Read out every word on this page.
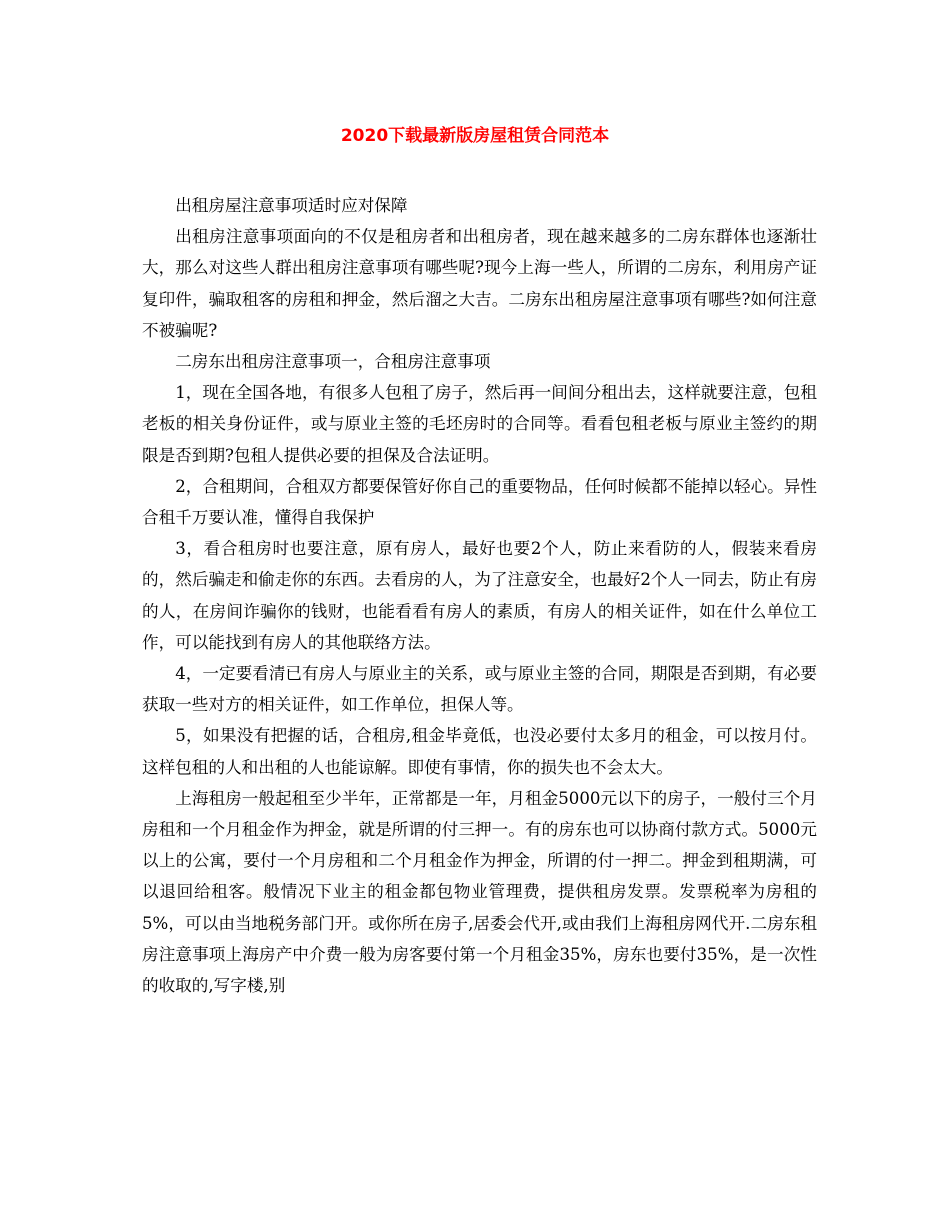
2020下载最新版房屋租赁合同范本

出租房屋注意事项适时应对保障

出租房注意事项面向的不仅是租房者和出租房者，现在越来越多的二房东群体也逐渐壮大，那么对这些人群出租房注意事项有哪些呢?现今上海一些人，所谓的二房东，利用房产证复印件，骗取租客的房租和押金，然后溜之大吉。二房东出租房屋注意事项有哪些?如何注意不被骗呢?

二房东出租房注意事项一，合租房注意事项

1，现在全国各地，有很多人包租了房子，然后再一间间分租出去，这样就要注意，包租老板的相关身份证件，或与原业主签的毛坯房时的合同等。看看包租老板与原业主签约的期限是否到期?包租人提供必要的担保及合法证明。

2，合租期间，合租双方都要保管好你自己的重要物品，任何时候都不能掉以轻心。异性合租千万要认准，懂得自我保护

3，看合租房时也要注意，原有房人，最好也要2个人，防止来看防的人，假装来看房的，然后骗走和偷走你的东西。去看房的人，为了注意安全，也最好2个人一同去，防止有房的人，在房间诈骗你的钱财，也能看看有房人的素质，有房人的相关证件，如在什么单位工作，可以能找到有房人的其他联络方法。

4，一定要看清已有房人与原业主的关系，或与原业主签的合同，期限是否到期，有必要获取一些对方的相关证件，如工作单位，担保人等。

5，如果没有把握的话，合租房,租金毕竟低，也没必要付太多月的租金，可以按月付。这样包租的人和出租的人也能谅解。即使有事情，你的损失也不会太大。

上海租房一般起租至少半年，正常都是一年，月租金5000元以下的房子，一般付三个月房租和一个月租金作为押金，就是所谓的付三押一。有的房东也可以协商付款方式。5000元以上的公寓，要付一个月房租和二个月租金作为押金，所谓的付一押二。押金到租期满，可以退回给租客。般情况下业主的租金都包物业管理费，提供租房发票。发票税率为房租的5%，可以由当地税务部门开。或你所在房子,居委会代开,或由我们上海租房网代开.二房东租房注意事项上海房产中介费一般为房客要付第一个月租金35%，房东也要付35%，是一次性的收取的,写字楼,别
